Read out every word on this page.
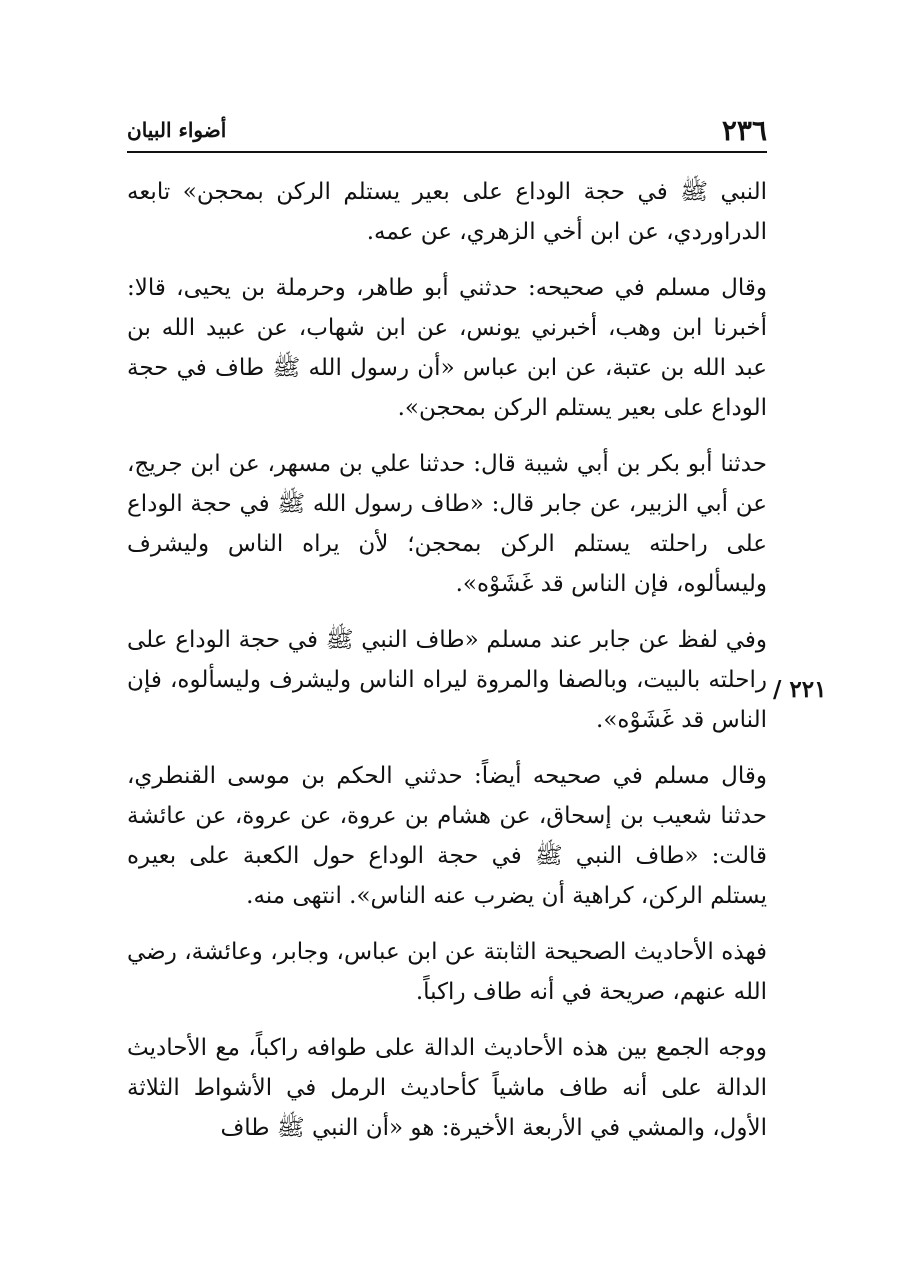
٢٣٦
أضواء البيان
٢٢١ /

النبي ﷺ في حجة الوداع على بعير يستلم الركن بمحجن» تابعه الدراوردي، عن ابن أخي الزهري، عن عمه.

وقال مسلم في صحيحه: حدثني أبو طاهر، وحرملة بن يحيى، قالا: أخبرنا ابن وهب، أخبرني يونس، عن ابن شهاب، عن عبيد الله بن عبد الله بن عتبة، عن ابن عباس «أن رسول الله ﷺ طاف في حجة الوداع على بعير يستلم الركن بمحجن».

حدثنا أبو بكر بن أبي شيبة قال: حدثنا علي بن مسهر، عن ابن جريج، عن أبي الزبير، عن جابر قال: «طاف رسول الله ﷺ في حجة الوداع على راحلته يستلم الركن بمحجن؛ لأن يراه الناس وليشرف وليسألوه، فإن الناس قد غَشَوْه».

وفي لفظ عن جابر عند مسلم «طاف النبي ﷺ في حجة الوداع على راحلته بالبيت، وبالصفا والمروة ليراه الناس وليشرف وليسألوه، فإن الناس قد غَشَوْه».

وقال مسلم في صحيحه أيضاً: حدثني الحكم بن موسى القنطري، حدثنا شعيب بن إسحاق، عن هشام بن عروة، عن عروة، عن عائشة قالت: «طاف النبي ﷺ في حجة الوداع حول الكعبة على بعيره يستلم الركن، كراهية أن يضرب عنه الناس». انتهى منه.

فهذه الأحاديث الصحيحة الثابتة عن ابن عباس، وجابر، وعائشة، رضي الله عنهم، صريحة في أنه طاف راكباً.

ووجه الجمع بين هذه الأحاديث الدالة على طوافه راكباً، مع الأحاديث الدالة على أنه طاف ماشياً كأحاديث الرمل في الأشواط الثلاثة الأول، والمشي في الأربعة الأخيرة: هو «أن النبي ﷺ طاف
